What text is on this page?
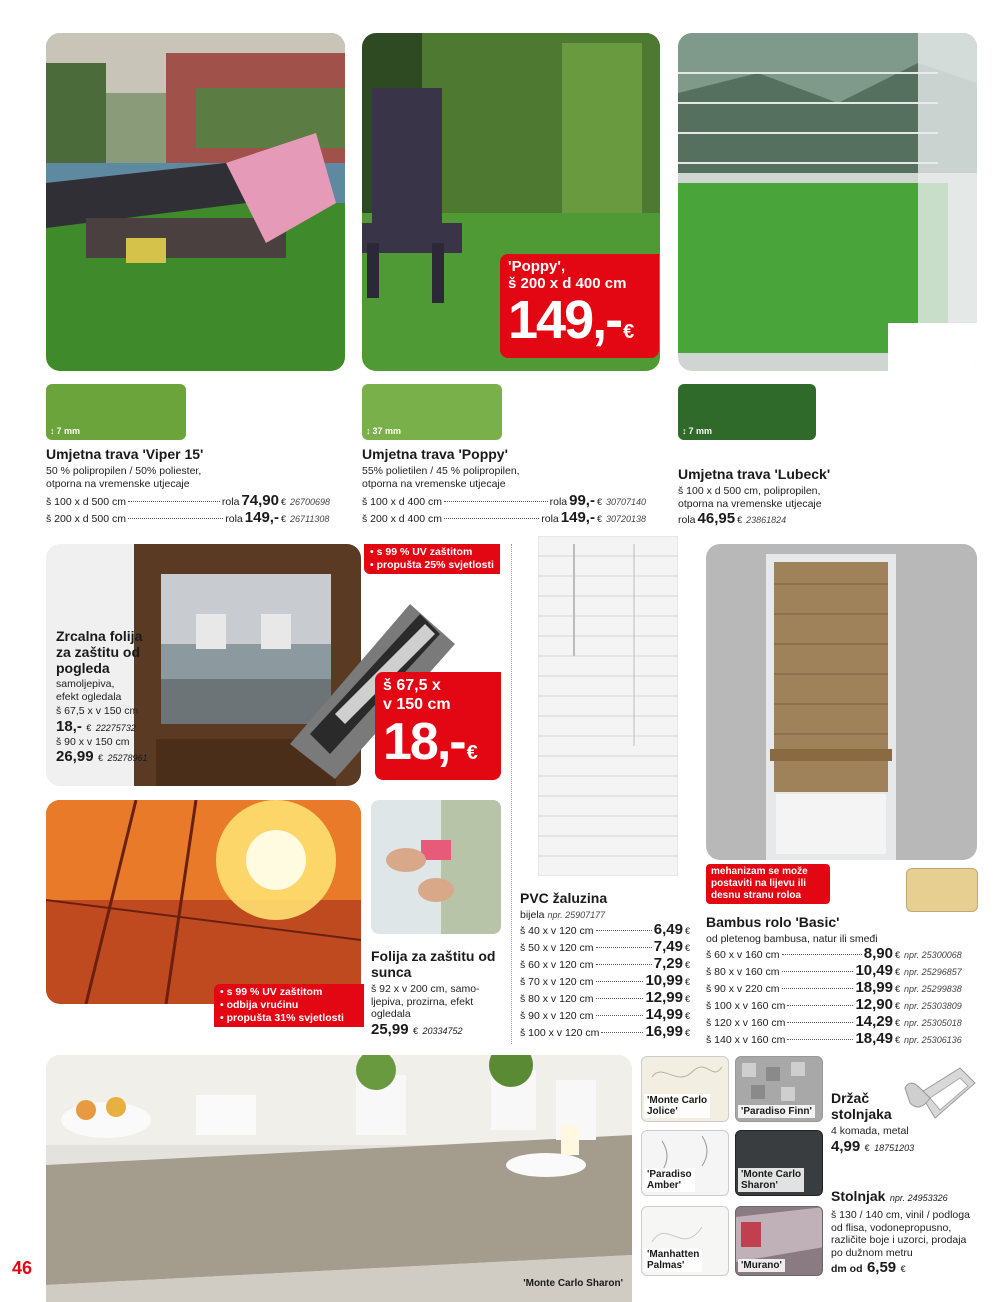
'Poppy',
š 200 x d 400 cm
149,- €
↕ 7 mm
Umjetna trava 'Viper 15'
50 % polipropilen / 50% poliester,
otporna na vremenske utjecaje
š 100 x d 500 cm	rola 74,90 € 26700698
š 200 x d 500 cm	rola 149,- € 26711308
↕ 37 mm
Umjetna trava 'Poppy'
55% polietilen / 45 % polipropilen,
otporna na vremenske utjecaje
š 100 x d 400 cm	rola 99,- € 30707140
š 200 x d 400 cm	rola 149,- € 30720138
↕ 7 mm
Umjetna trava 'Lubeck'
š 100 x d 500 cm, polipropilen,
otporna na vremenske utjecaje
rola 46,95 € 23861824
Zrcalna folija
za zaštitu od
pogleda
samoljepiva,
efekt ogledala
š 67,5 x v 150 cm
18,- € 22275732
š 90 x v 150 cm
26,99 € 25278961
• s 99 % UV zaštitom
• propušta 25% svjetlosti
š 67,5 x
v 150 cm
18,- €
• s 99 % UV zaštitom
• odbija vrućinu
• propušta 31% svjetlosti
Folija za zaštitu od
sunca
š 92 x v 200 cm, samo-
ljepiva, prozirna, efekt
ogledala
25,99 € 20334752
PVC žaluzina
bijela npr. 25907177
š 40 x v 120 cm	6,49 €
š 50 x v 120 cm	7,49 €
š 60 x v 120 cm	7,29 €
š 70 x v 120 cm	10,99 €
š 80 x v 120 cm	12,99 €
š 90 x v 120 cm	14,99 €
š 100 x v 120 cm	16,99 €
mehanizam se može
postaviti na lijevu ili
desnu stranu roloa
Bambus rolo 'Basic'
od pletenog bambusa, natur ili smeđi
š 60 x v 160 cm	8,90 € npr. 25300068
š 80 x v 160 cm	10,49 € npr. 25296857
š 90 x v 220 cm	18,99 € npr. 25299838
š 100 x v 160 cm	12,90 € npr. 25303809
š 120 x v 160 cm	14,29 € npr. 25305018
š 140 x v 160 cm	18,49 € npr. 25306136
'Monte Carlo Sharon'
'Monte Carlo
Jolice'	'Paradiso Finn'
'Paradiso
Amber'
'Monte Carlo
Sharon'
'Manhatten
Palmas'	'Murano'
Držač
stolnjaka
4 komada, metal
4,99 € 18751203
Stolnjak npr. 24953326
š 130 / 140 cm, vinil / podloga
od flisa, vodonepropusno,
različite boje i uzorci, prodaja
po dužnom metru
dm od 6,59 €
46
